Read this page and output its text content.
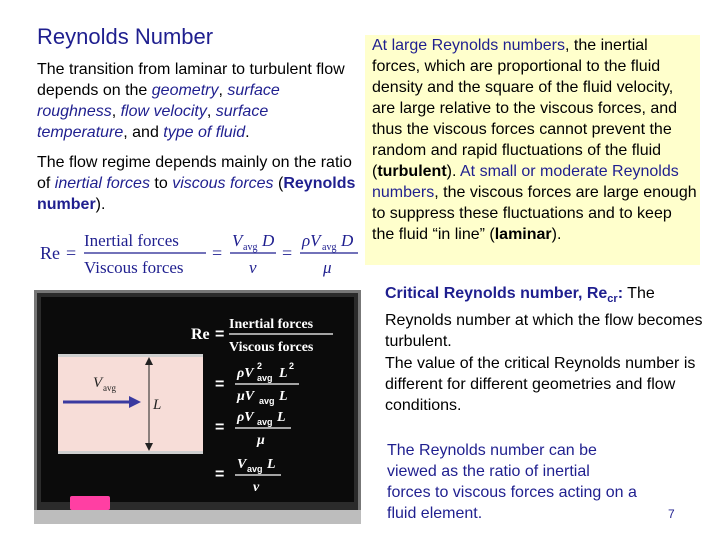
Reynolds Number
The transition from laminar to turbulent flow depends on the geometry, surface roughness, flow velocity, surface temperature, and type of fluid.
The flow regime depends mainly on the ratio of inertial forces to viscous forces (Reynolds number).
Re =
Inertial forces
Viscous forces
=
V avg D
ν
=
ρV avg D
μ
At large Reynolds numbers, the inertial forces, which are proportional to the fluid density and the square of the fluid velocity, are large relative to the viscous forces, and thus the viscous forces cannot prevent the random and rapid fluctuations of the fluid (turbulent). At small or moderate Reynolds numbers, the viscous forces are large enough to suppress these fluctuations and to keep the fluid “in line” (laminar).
Critical Reynolds number, $Re_{cr}$: The Reynolds number at which the flow becomes turbulent.
The value of the critical Reynolds number is different for different geometries and flow conditions.
The Reynolds number can be viewed as the ratio of inertial forces to viscous forces acting on a fluid element.	7
V avg
L
Re =
Inertial forces
Viscous forces
=
ρV 2
avg L 2
μV avg L
=
ρV avg L
μ
=
V avg L
ν
